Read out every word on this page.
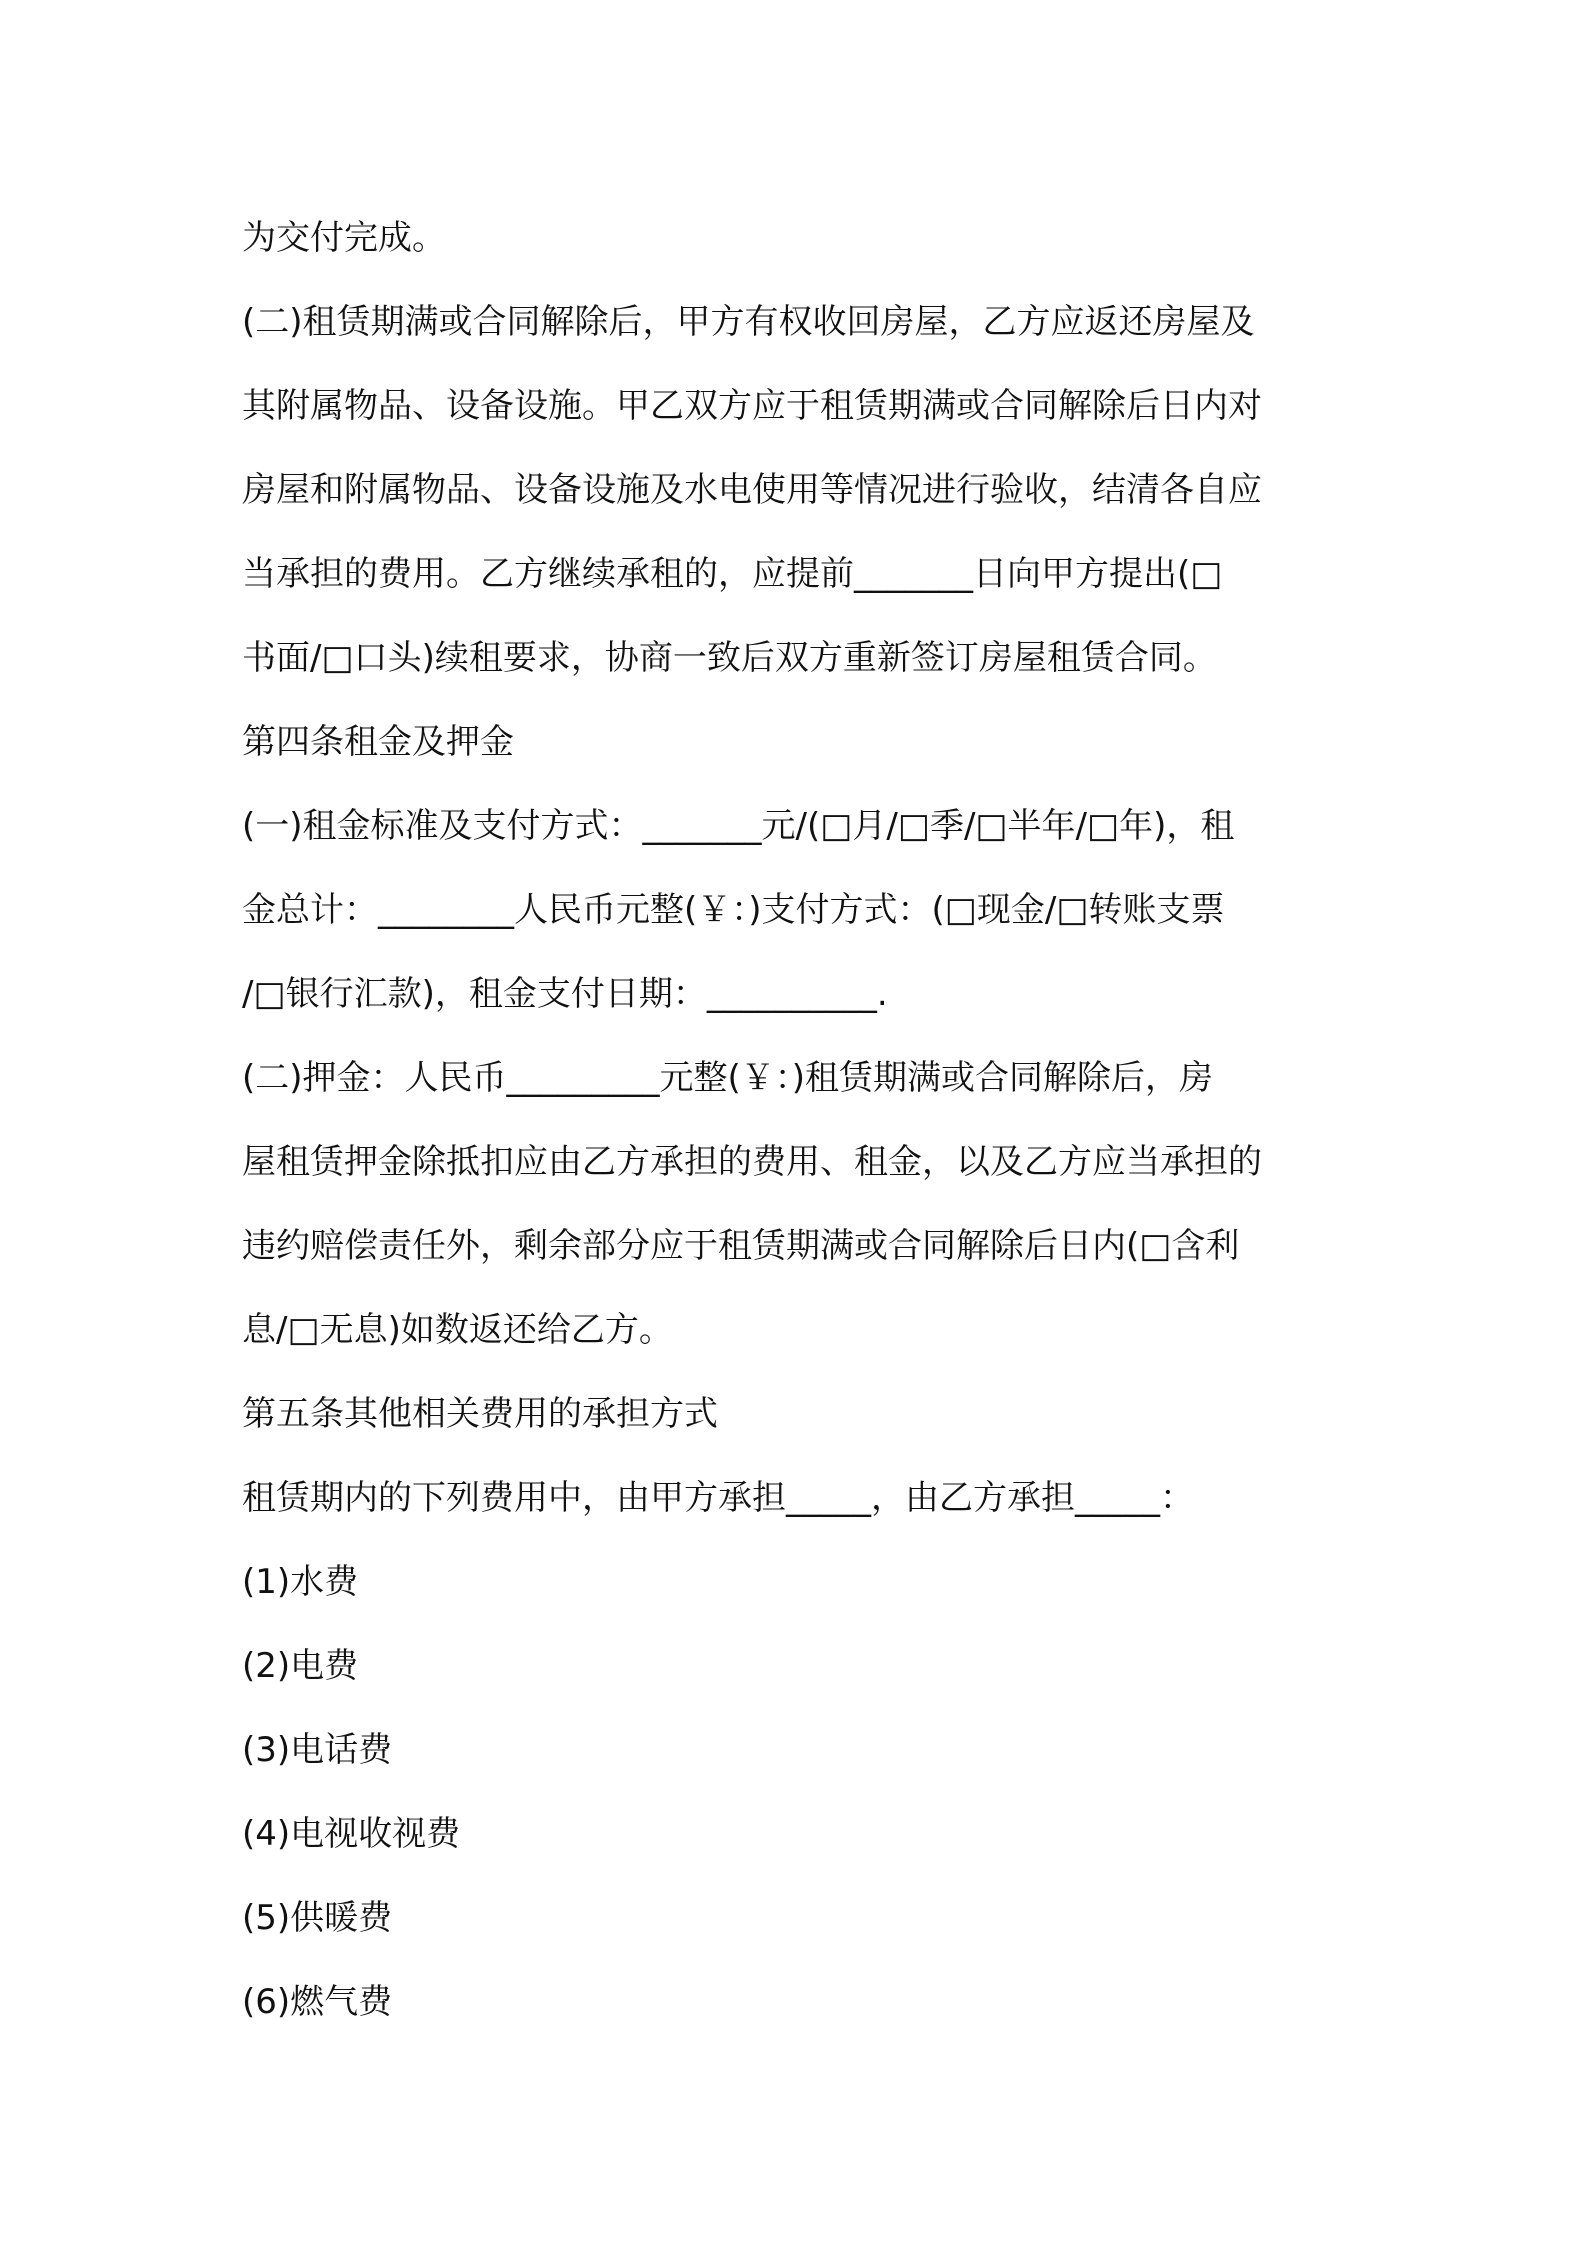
为交付完成。
(二)租赁期满或合同解除后，甲方有权收回房屋，乙方应返还房屋及
其附属物品、设备设施。甲乙双方应于租赁期满或合同解除后日内对
房屋和附属物品、设备设施及水电使用等情况进行验收，结清各自应
当承担的费用。乙方继续承租的，应提前_______日向甲方提出(□
书面/□口头)续租要求，协商一致后双方重新签订房屋租赁合同。
第四条租金及押金
(一)租金标准及支付方式：_______元/(□月/□季/□半年/□年)，租
金总计：________人民币元整(￥：)支付方式：(□现金/□转账支票
/□银行汇款)，租金支付日期：__________.
(二)押金：人民币_________元整(￥：)租赁期满或合同解除后，房
屋租赁押金除抵扣应由乙方承担的费用、租金，以及乙方应当承担的
违约赔偿责任外，剩余部分应于租赁期满或合同解除后日内(□含利
息/□无息)如数返还给乙方。
第五条其他相关费用的承担方式
租赁期内的下列费用中，由甲方承担_____，由乙方承担_____：
(1)水费
(2)电费
(3)电话费
(4)电视收视费
(5)供暖费
(6)燃气费
